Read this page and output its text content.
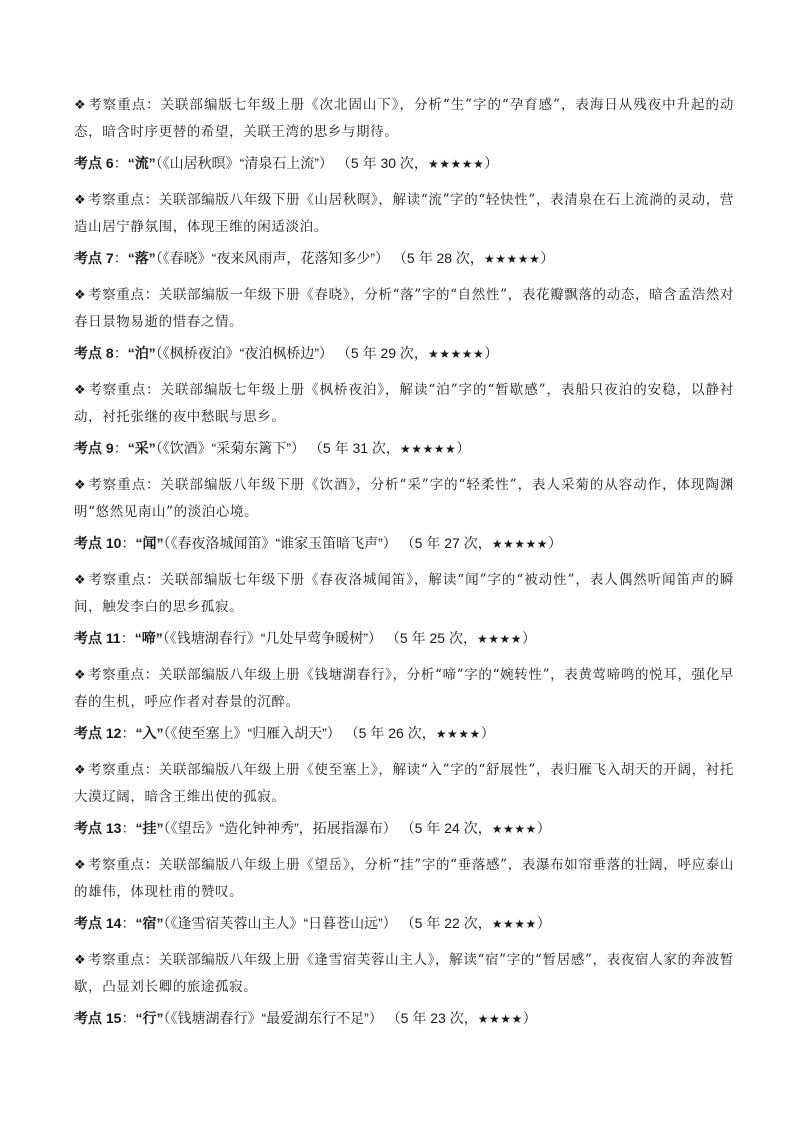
❖ 考察重点：关联部编版七年级上册《次北固山下》，分析“生”字的“孕育感”，表海日从残夜中升起的动态，暗含时序更替的希望，关联王湾的思乡与期待。

考点 6：“流”（《山居秋暝》“清泉石上流”） （5 年 30 次，★★★★★）

❖ 考察重点：关联部编版八年级下册《山居秋暝》，解读“流”字的“轻快性”，表清泉在石上流淌的灵动，营造山居宁静氛围，体现王维的闲适淡泊。

考点 7：“落”（《春晓》“夜来风雨声，花落知多少”） （5 年 28 次，★★★★★）

❖ 考察重点：关联部编版一年级下册《春晓》，分析“落”字的“自然性”，表花瓣飘落的动态，暗含孟浩然对春日景物易逝的惜春之情。

考点 8：“泊”（《枫桥夜泊》“夜泊枫桥边”） （5 年 29 次，★★★★★）

❖ 考察重点：关联部编版七年级上册《枫桥夜泊》，解读“泊”字的“暂歇感”，表船只夜泊的安稳，以静衬动，衬托张继的夜中愁眠与思乡。

考点 9：“采”（《饮酒》“采菊东篱下”） （5 年 31 次，★★★★★）

❖ 考察重点：关联部编版八年级下册《饮酒》，分析“采”字的“轻柔性”，表人采菊的从容动作，体现陶渊明“悠然见南山”的淡泊心境。

考点 10：“闻”（《春夜洛城闻笛》“谁家玉笛暗飞声”） （5 年 27 次，★★★★★）

❖ 考察重点：关联部编版七年级下册《春夜洛城闻笛》，解读“闻”字的“被动性”，表人偶然听闻笛声的瞬间，触发李白的思乡孤寂。

考点 11：“啼”（《钱塘湖春行》“几处早莺争暖树”） （5 年 25 次，★★★★）

❖ 考察重点：关联部编版八年级上册《钱塘湖春行》，分析“啼”字的“婉转性”，表黄莺啼鸣的悦耳，强化早春的生机，呼应作者对春景的沉醉。

考点 12：“入”（《使至塞上》“归雁入胡天”） （5 年 26 次，★★★★）

❖ 考察重点：关联部编版八年级上册《使至塞上》，解读“入”字的“舒展性”，表归雁飞入胡天的开阔，衬托大漠辽阔，暗含王维出使的孤寂。

考点 13：“挂”（《望岳》“造化钟神秀”，拓展指瀑布） （5 年 24 次，★★★★）

❖ 考察重点：关联部编版八年级上册《望岳》，分析“挂”字的“垂落感”，表瀑布如帘垂落的壮阔，呼应泰山的雄伟，体现杜甫的赞叹。

考点 14：“宿”（《逢雪宿芙蓉山主人》“日暮苍山远”） （5 年 22 次，★★★★）

❖ 考察重点：关联部编版八年级上册《逢雪宿芙蓉山主人》，解读“宿”字的“暂居感”，表夜宿人家的奔波暂歇，凸显刘长卿的旅途孤寂。

考点 15：“行”（《钱塘湖春行》“最爱湖东行不足”） （5 年 23 次，★★★★）
